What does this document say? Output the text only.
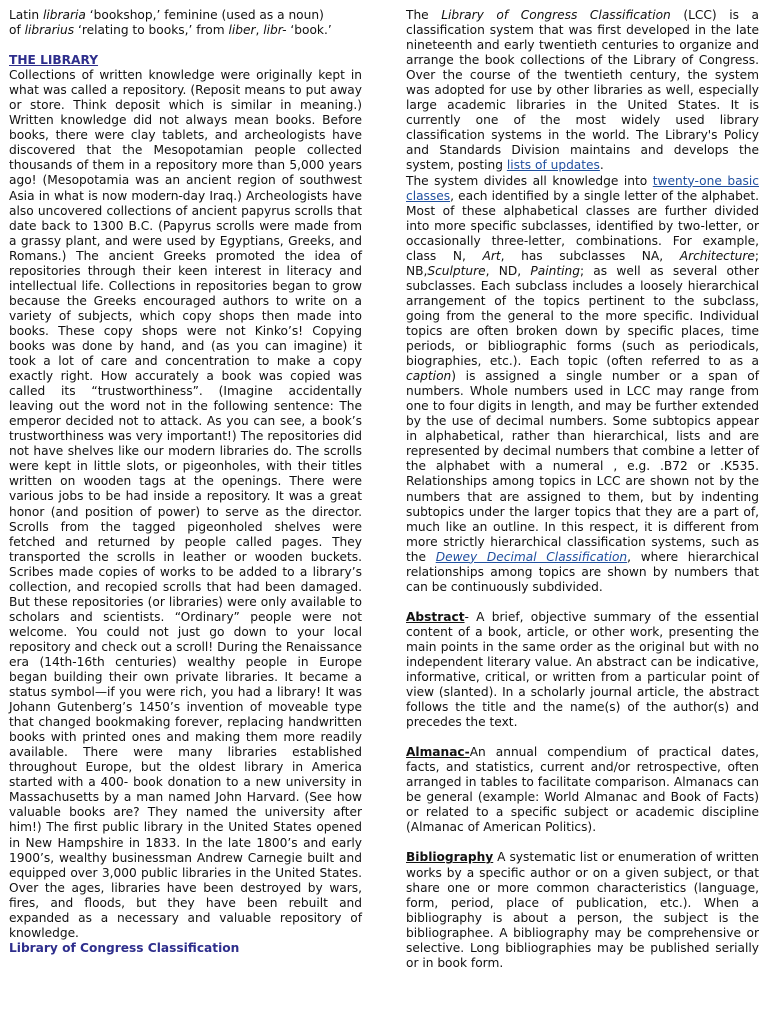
Latin libraria ‘bookshop,’ feminine (used as a noun)
of librarius ‘relating to books,’ from liber, libr- ‘book.’

THE LIBRARY

Collections of written knowledge were originally kept in what was called a repository. (Reposit means to put away or store. Think deposit which is similar in meaning.) Written knowledge did not always mean books. Before books, there were clay tablets, and archeologists have discovered that the Mesopotamian people collected thousands of them in a repository more than 5,000 years ago! (Mesopotamia was an ancient region of southwest Asia in what is now modern-day Iraq.) Archeologists have also uncovered collections of ancient papyrus scrolls that date back to 1300 B.C. (Papyrus scrolls were made from a grassy plant, and were used by Egyptians, Greeks, and Romans.) The ancient Greeks promoted the idea of repositories through their keen interest in literacy and intellectual life. Collections in repositories began to grow because the Greeks encouraged authors to write on a variety of subjects, which copy shops then made into books. These copy shops were not Kinko’s! Copying books was done by hand, and (as you can imagine) it took a lot of care and concentration to make a copy exactly right. How accurately a book was copied was called its “trustworthiness”. (Imagine accidentally leaving out the word not in the following sentence: The emperor decided not to attack. As you can see, a book’s trustworthiness was very important!) The repositories did not have shelves like our modern libraries do. The scrolls were kept in little slots, or pigeonholes, with their titles written on wooden tags at the openings. There were various jobs to be had inside a repository. It was a great honor (and position of power) to serve as the director. Scrolls from the tagged pigeonholed shelves were fetched and returned by people called pages. They transported the scrolls in leather or wooden buckets. Scribes made copies of works to be added to a library’s collection, and recopied scrolls that had been damaged. But these repositories (or libraries) were only available to scholars and scientists. “Ordinary” people were not welcome. You could not just go down to your local repository and check out a scroll! During the Renaissance era (14th-16th centuries) wealthy people in Europe began building their own private libraries. It became a status symbol—if you were rich, you had a library! It was Johann Gutenberg’s 1450’s invention of moveable type that changed bookmaking forever, replacing handwritten books with printed ones and making them more readily available. There were many libraries established throughout Europe, but the oldest library in America started with a 400- book donation to a new university in Massachusetts by a man named John Harvard. (See how valuable books are? They named the university after him!) The first public library in the United States opened in New Hampshire in 1833. In the late 1800’s and early 1900’s, wealthy businessman Andrew Carnegie built and equipped over 3,000 public libraries in the United States. Over the ages, libraries have been destroyed by wars, fires, and floods, but they have been rebuilt and expanded as a necessary and valuable repository of knowledge.

Library of Congress Classification

The Library of Congress Classification (LCC) is a classification system that was first developed in the late nineteenth and early twentieth centuries to organize and arrange the book collections of the Library of Congress. Over the course of the twentieth century, the system was adopted for use by other libraries as well, especially large academic libraries in the United States. It is currently one of the most widely used library classification systems in the world. The Library's Policy and Standards Division maintains and develops the system, posting lists of updates.

The system divides all knowledge into twenty-one basic classes, each identified by a single letter of the alphabet. Most of these alphabetical classes are further divided into more specific subclasses, identified by two-letter, or occasionally three-letter, combinations. For example, class N, Art, has subclasses NA, Architecture; NB,Sculpture, ND, Painting; as well as several other subclasses. Each subclass includes a loosely hierarchical arrangement of the topics pertinent to the subclass, going from the general to the more specific. Individual topics are often broken down by specific places, time periods, or bibliographic forms (such as periodicals, biographies, etc.). Each topic (often referred to as a caption) is assigned a single number or a span of numbers. Whole numbers used in LCC may range from one to four digits in length, and may be further extended by the use of decimal numbers. Some subtopics appear in alphabetical, rather than hierarchical, lists and are represented by decimal numbers that combine a letter of the alphabet with a numeral , e.g. .B72 or .K535. Relationships among topics in LCC are shown not by the numbers that are assigned to them, but by indenting subtopics under the larger topics that they are a part of, much like an outline. In this respect, it is different from more strictly hierarchical classification systems, such as the Dewey Decimal Classification, where hierarchical relationships among topics are shown by numbers that can be continuously subdivided.

Abstract- A brief, objective summary of the essential content of a book, article, or other work, presenting the main points in the same order as the original but with no independent literary value. An abstract can be indicative, informative, critical, or written from a particular point of view (slanted). In a scholarly journal article, the abstract follows the title and the name(s) of the author(s) and precedes the text.

Almanac-An annual compendium of practical dates, facts, and statistics, current and/or retrospective, often arranged in tables to facilitate comparison. Almanacs can be general (example: World Almanac and Book of Facts) or related to a specific subject or academic discipline (Almanac of American Politics).

Bibliography A systematic list or enumeration of written works by a specific author or on a given subject, or that share one or more common characteristics (language, form, period, place of publication, etc.). When a bibliography is about a person, the subject is the bibliographee. A bibliography may be comprehensive or selective. Long bibliographies may be published serially or in book form.
